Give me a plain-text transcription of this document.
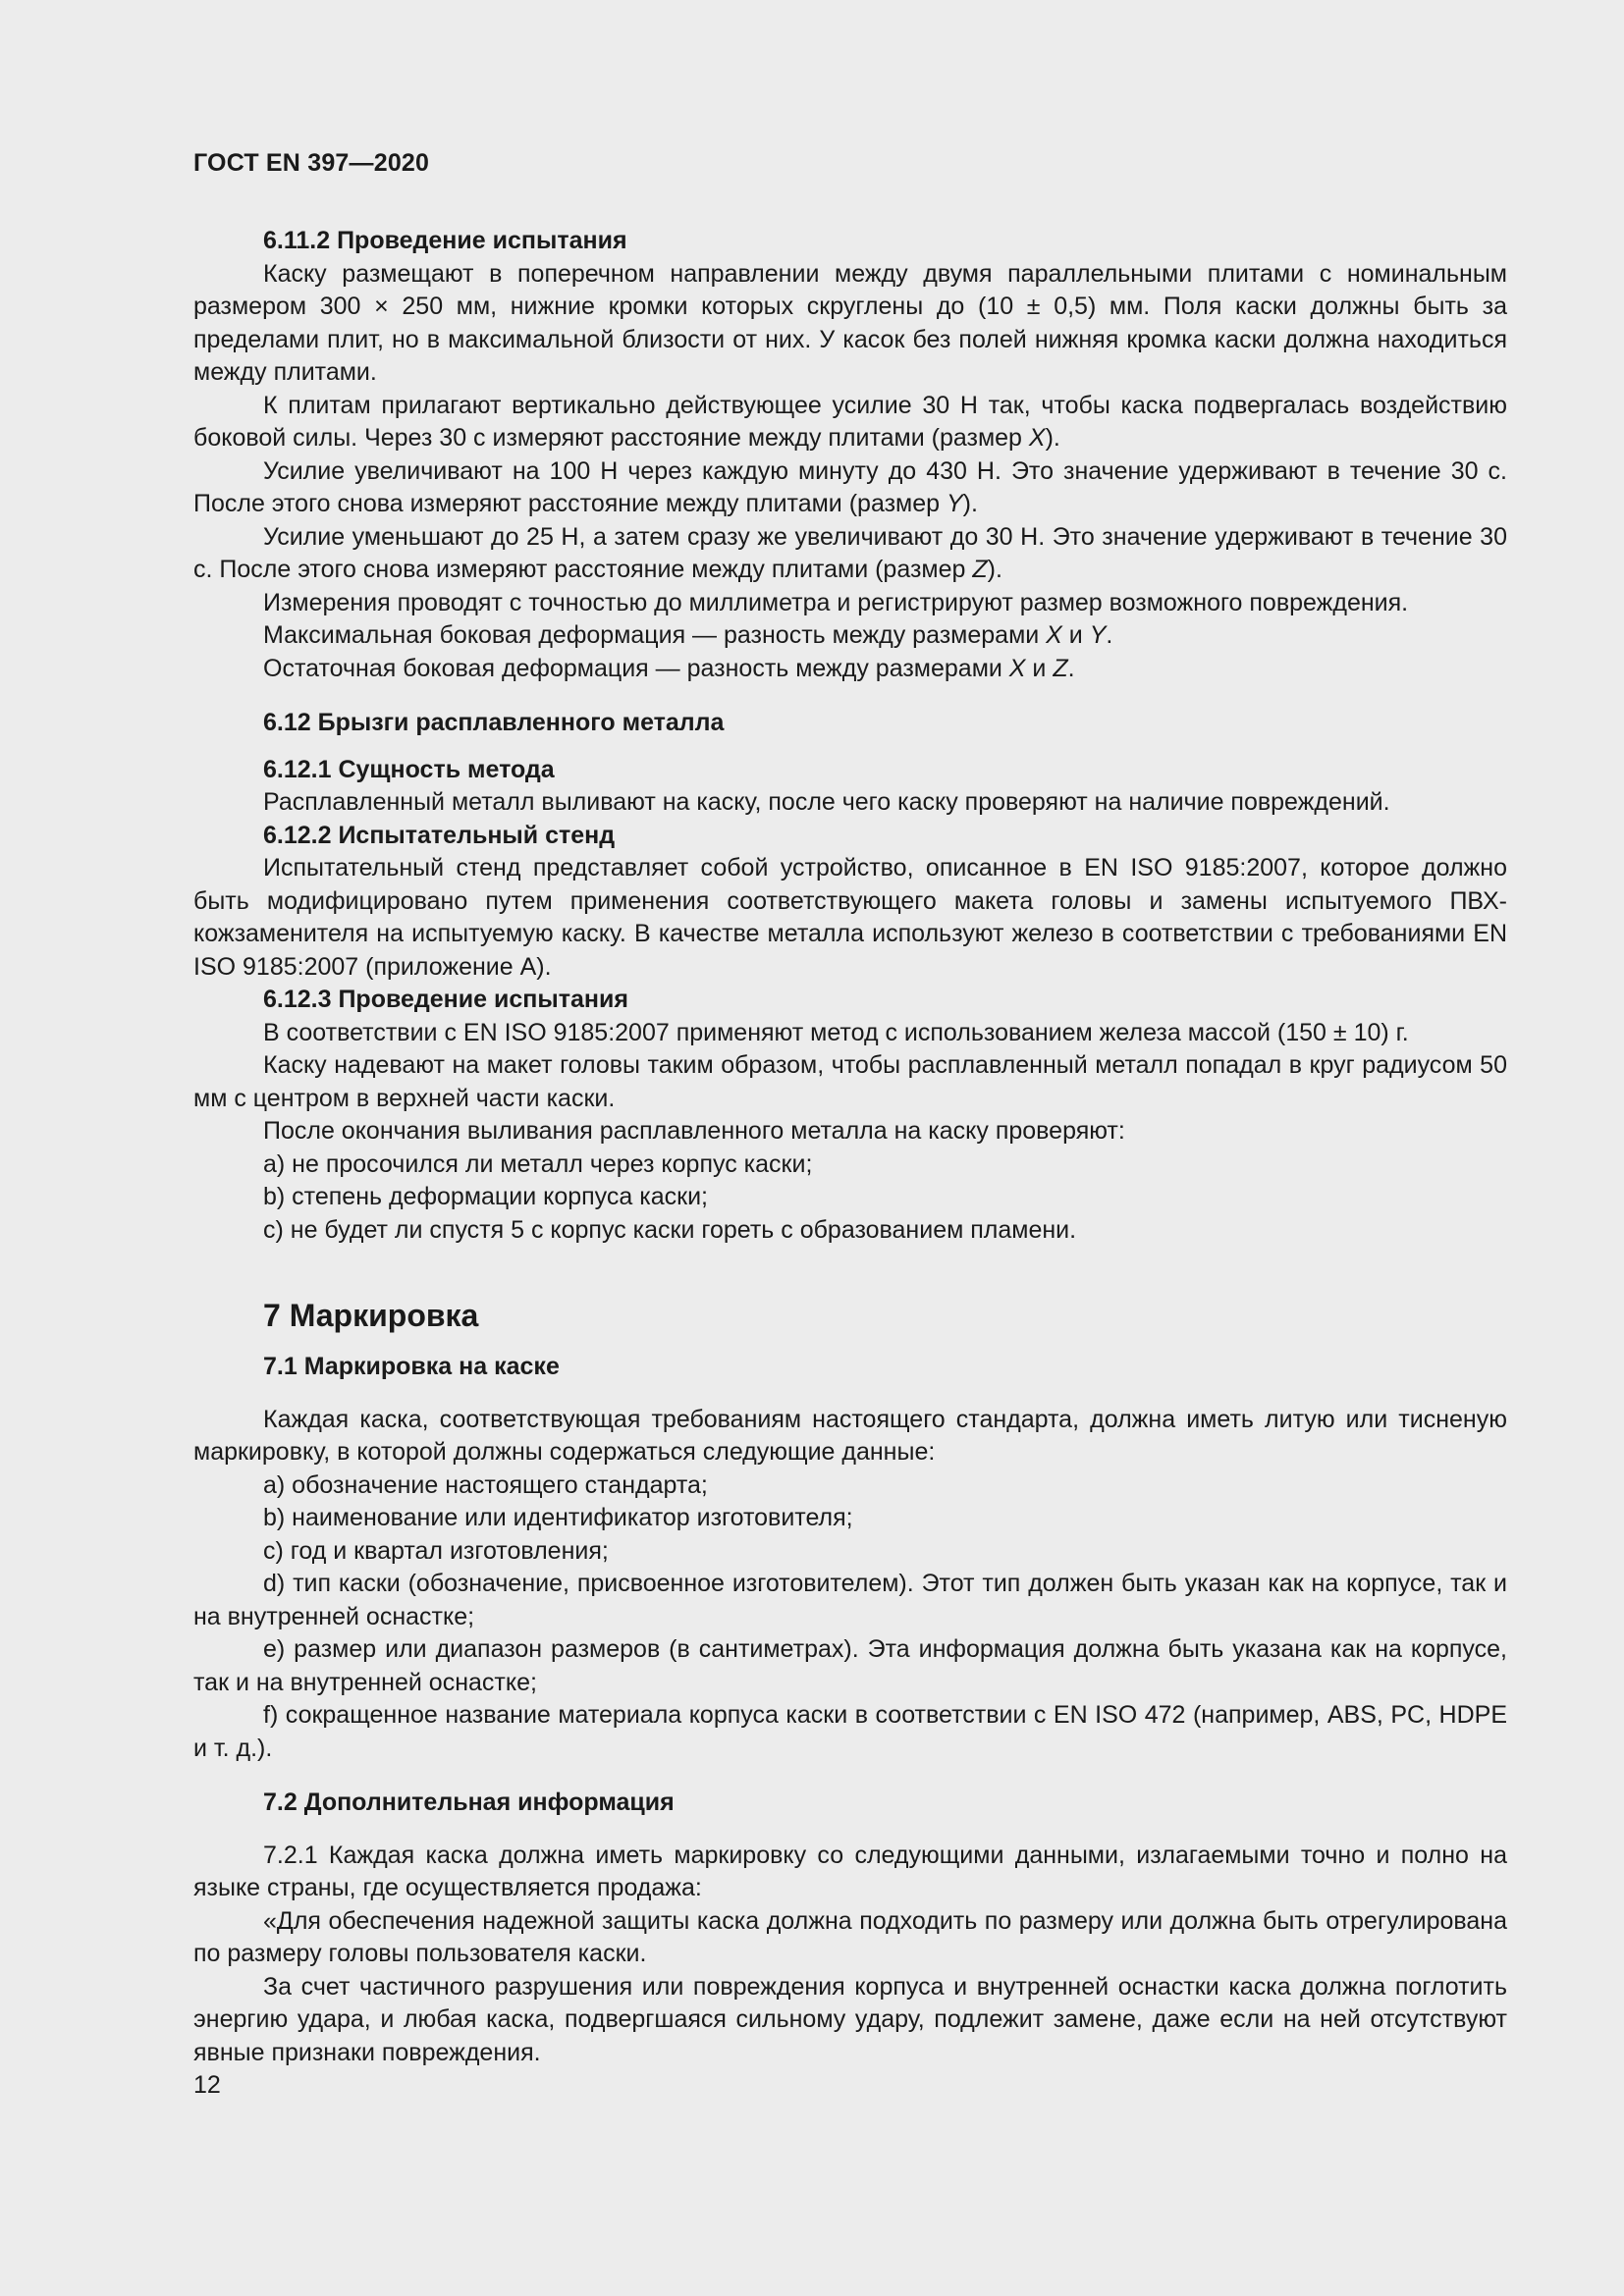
ГОСТ EN 397—2020
6.11.2 Проведение испытания

Каску размещают в поперечном направлении между двумя параллельными плитами с номинальным размером 300 × 250 мм, нижние кромки которых скруглены до (10 ± 0,5) мм. Поля каски должны быть за пределами плит, но в максимальной близости от них. У касок без полей нижняя кромка каски должна находиться между плитами.

К плитам прилагают вертикально действующее усилие 30 Н так, чтобы каска подвергалась воздействию боковой силы. Через 30 с измеряют расстояние между плитами (размер X).

Усилие увеличивают на 100 Н через каждую минуту до 430 Н. Это значение удерживают в течение 30 с. После этого снова измеряют расстояние между плитами (размер Y).

Усилие уменьшают до 25 Н, а затем сразу же увеличивают до 30 Н. Это значение удерживают в течение 30 с. После этого снова измеряют расстояние между плитами (размер Z).

Измерения проводят с точностью до миллиметра и регистрируют размер возможного повреждения.

Максимальная боковая деформация — разность между размерами X и Y.

Остаточная боковая деформация — разность между размерами X и Z.

6.12 Брызги расплавленного металла
6.12.1 Сущность метода

Расплавленный металл выливают на каску, после чего каску проверяют на наличие повреждений.

6.12.2 Испытательный стенд

Испытательный стенд представляет собой устройство, описанное в EN ISO 9185:2007, которое должно быть модифицировано путем применения соответствующего макета головы и замены испытуемого ПВХ-кожзаменителя на испытуемую каску. В качестве металла используют железо в соответствии с требованиями EN ISO 9185:2007 (приложение А).

6.12.3 Проведение испытания

В соответствии с EN ISO 9185:2007 применяют метод с использованием железа массой (150 ± 10) г.

Каску надевают на макет головы таким образом, чтобы расплавленный металл попадал в круг радиусом 50 мм с центром в верхней части каски.

После окончания выливания расплавленного металла на каску проверяют:

a) не просочился ли металл через корпус каски;

b) степень деформации корпуса каски;

c) не будет ли спустя 5 с корпус каски гореть с образованием пламени.

7 Маркировка
7.1 Маркировка на каске

Каждая каска, соответствующая требованиям настоящего стандарта, должна иметь литую или тисненую маркировку, в которой должны содержаться следующие данные:

a) обозначение настоящего стандарта;

b) наименование или идентификатор изготовителя;

c) год и квартал изготовления;

d) тип каски (обозначение, присвоенное изготовителем). Этот тип должен быть указан как на корпусе, так и на внутренней оснастке;

e) размер или диапазон размеров (в сантиметрах). Эта информация должна быть указана как на корпусе, так и на внутренней оснастке;

f) сокращенное название материала корпуса каски в соответствии с EN ISO 472 (например, ABS, PC, HDPE и т. д.).

7.2 Дополнительная информация

7.2.1 Каждая каска должна иметь маркировку со следующими данными, излагаемыми точно и полно на языке страны, где осуществляется продажа:

«Для обеспечения надежной защиты каска должна подходить по размеру или должна быть отрегулирована по размеру головы пользователя каски.

За счет частичного разрушения или повреждения корпуса и внутренней оснастки каска должна поглотить энергию удара, и любая каска, подвергшаяся сильному удару, подлежит замене, даже если на ней отсутствуют явные признаки повреждения.

12
